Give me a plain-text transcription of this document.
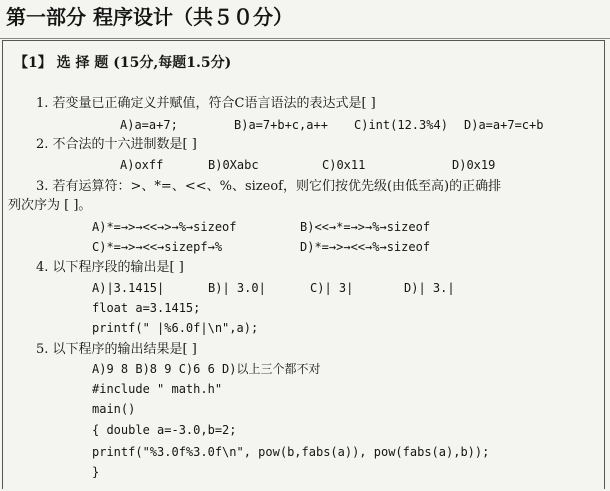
第一部分 程序设计（共５０分）
【1】 选 择 题 (15分,每题1.5分)
1. 若变量已正确定义并赋值，符合C语言语法的表达式是[ ]
A)a=a+7;	B)a=7+b+c,a++ C)int(12.3%4) D)a=a+7=c+b
2. 不合法的十六进制数是[ ]
A)oxff	B)0Xabc	C)0x11	D)0x19
3. 若有运算符：>、*=、<<、%、sizeof，则它们按优先级(由低至高)的正确排
列次序为 [ ]。
A)*=→>→<<→>→%→sizeof	B)<<→*=→>→%→sizeof
C)*=→>→<<→sizepf→%	D)*=→>→<<→%→sizeof
4. 以下程序段的输出是[ ]
A)|3.1415|	B)| 3.0|	C)| 3|	D)| 3.|
float a=3.1415;
printf(" |%6.0f|\n",a);
5. 以下程序的输出结果是[ ]
A)9 8 B)8 9 C)6 6 D)以上三个都不对
#include " math.h"
main()
{ double a=-3.0,b=2;
printf("%3.0f%3.0f\n", pow(b,fabs(a)), pow(fabs(a),b));
}
